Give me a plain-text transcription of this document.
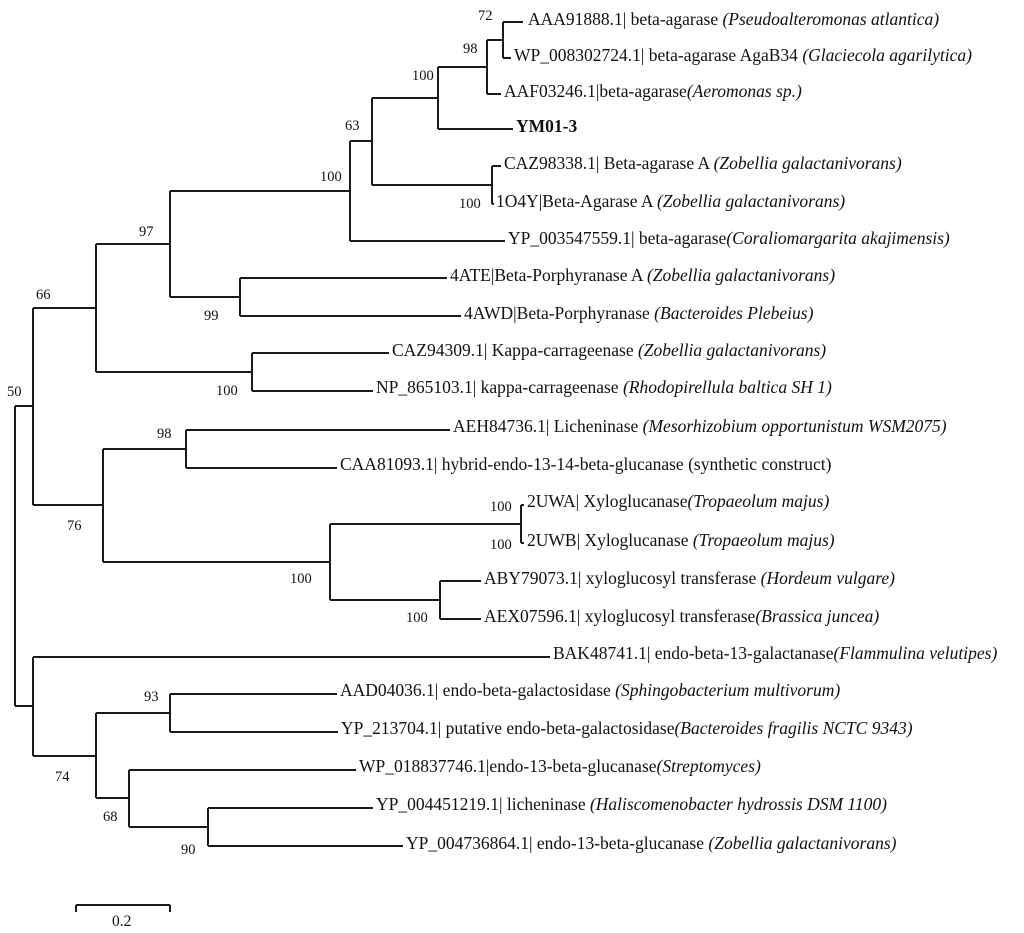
AAA91888.1| beta-agarase (Pseudoalteromonas atlantica)
WP_008302724.1| beta-agarase AgaB34 (Glaciecola agarilytica)
AAF03246.1|beta-agarase(Aeromonas sp.)
YM01-3
CAZ98338.1| Beta-agarase A (Zobellia galactanivorans)
1O4Y|Beta-Agarase A (Zobellia galactanivorans)
YP_003547559.1| beta-agarase(Coraliomargarita akajimensis)
4ATE|Beta-Porphyranase A (Zobellia galactanivorans)
4AWD|Beta-Porphyranase (Bacteroides Plebeius)
CAZ94309.1| Kappa-carrageenase (Zobellia galactanivorans)
NP_865103.1| kappa-carrageenase (Rhodopirellula baltica SH 1)
AEH84736.1| Licheninase (Mesorhizobium opportunistum WSM2075)
CAA81093.1| hybrid-endo-13-14-beta-glucanase (synthetic construct)
2UWA| Xyloglucanase(Tropaeolum majus)
2UWB| Xyloglucanase (Tropaeolum majus)
ABY79073.1| xyloglucosyl transferase (Hordeum vulgare)
AEX07596.1| xyloglucosyl transferase(Brassica juncea)
BAK48741.1| endo-beta-13-galactanase(Flammulina velutipes)
AAD04036.1| endo-beta-galactosidase (Sphingobacterium multivorum)
YP_213704.1| putative endo-beta-galactosidase(Bacteroides fragilis NCTC 9343)
WP_018837746.1|endo-13-beta-glucanase(Streptomyces)
YP_004451219.1| licheninase (Haliscomenobacter hydrossis DSM 1100)
YP_004736864.1| endo-13-beta-glucanase (Zobellia galactanivorans)
72
98
100
63
100
100
97
66
99
100
50
98
76
100
100
100
100
93
74
68
90
0.2
